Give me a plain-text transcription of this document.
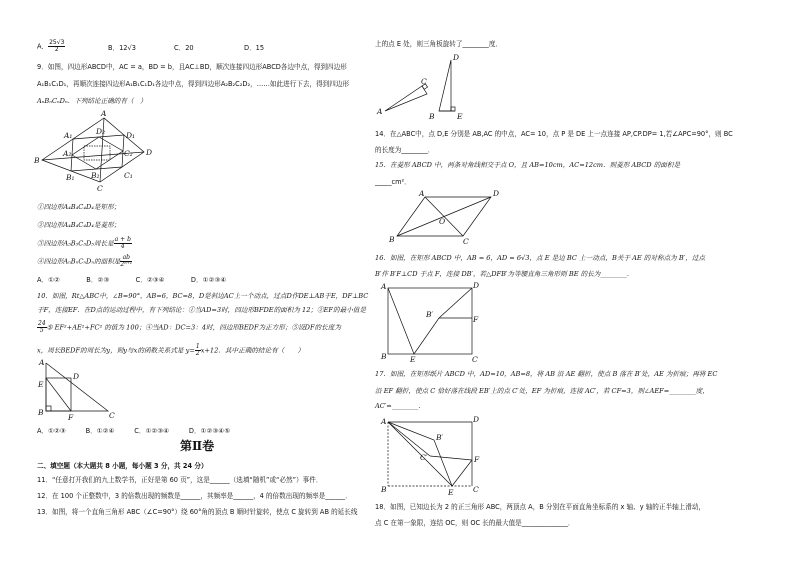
A． $\frac{25√3}{2}$	B．12√3	C．20	D．15
9．如图，四边形ABCD中，AC = a，BD = b，且AC⊥BD，顺次连接四边形ABCD各边中点，得到四边形
A₁B₁C₁D₁，再顺次连接四边形A₁B₁C₁D₁各边中点，得到四边形A₂B₂C₂D₂，……如此进行下去，得到四边形
AₙBₙCₙDₙ．下列结论正确的有（　）
A
B
C
D
A₁
B₁	C₁
D₁
A₂
B₂
C₂
D₂
①四边形A₄B₄C₄D₄是矩形；
②四边形A₄B₄C₄D₄是菱形；
③四边形A₅B₅C₅D₅周长是 $\frac{a + b}{4}$
④四边形AₙBₙCₙDₙ的面积是 $\frac{ab}{\text{2ⁿ⁺¹}}$
A．①②　　　　B．②③　　　　C．②③④　　　　D．①②③④
10．如图，Rt△ABC中，∠B=90°，AB=6，BC=8，D是斜边AC上一个动点，过点D作DE⊥AB于E，DF⊥BC
于F，连接EF．在D点的运动过程中，有下列结论：①当AD=3时，四边形BFDE的面积为 12；②EF的最小值是
$\frac{24}{5}$ ⑤ EF²+AE²+FC² 的值为 100；④当AD：DC=3：4时，四边形BEDF为正方形；⑤设DF的长度为
x，周长BEDF的周长为y，则y与x的函数关系式是 $y= \frac{1}{2} x+12$．其中正确的结论有（　　）
A
B	C
D
E
F
A．①②③　　　B．①②④　　　C．①②③④　　　D．①②③④⑤
第Ⅱ卷
二、填空题（本大题共 8 小题，每小题 3 分，共 24 分）
11．“任意打开我们的九上数学书，正好是第 60 页”，这是______（选填“随机”或“必然”）事件．
12．在 100 个正整数中，3 的倍数出现的频数是______，其频率是______，4 的倍数出现的频率是______．
13．如图，将一个直角三角形 ABC（∠C=90°）绕 60°角的顶点 B 顺时针旋转，使点 C 旋转到 AB 的延长线
上的点 E 处，则三角板旋转了________度．
A
B
C
D
E
14．在△ABC中，点 D,E 分别是 AB,AC 的中点，AC= 10，点 P 是 DE 上一点连接 AP,CP.DP= 1,若∠APC=90°，则 BC
的长度为________．
15．在菱形 ABCD 中，两条对角线相交于点 O，且 AB=10cm，AC=12cm．则菱形 ABCD 的面积是
_____cm²．
A
B	C
D
O
16．如图，在矩形 ABCD 中，AB = 6，AD = 6√3，点 E 是边 BC 上一动点，B关于 AE 的对称点为 B′，过点
B′作 B′F⊥CD 于点 F，连接 DB′，若△DFB′为等腰直角三角形则 BE 的长为________．
A
B	C
D
E
F
B′
17．如图，在矩形纸片 ABCD 中，AD=10，AB=8，将 AB 沿 AE 翻折，使点 B 落在 B′处，AE 为折痕；再将 EC
沿 EF 翻折，使点 C 恰好落在线段 EB′上的点 C′处，EF 为折痕，连接 AC′，若 CF=3，则∠AEF=________度，
AC′=________．
A
B	C
D
E
F
B′
C′
18．如图，已知边长为 2 的正三角形 ABC，两顶点 A，B 分别在平面直角坐标系的 x 轴、y 轴的正半轴上滑动，
点 C 在第一象限，连结 OC，则 OC 长的最大值是______________．
